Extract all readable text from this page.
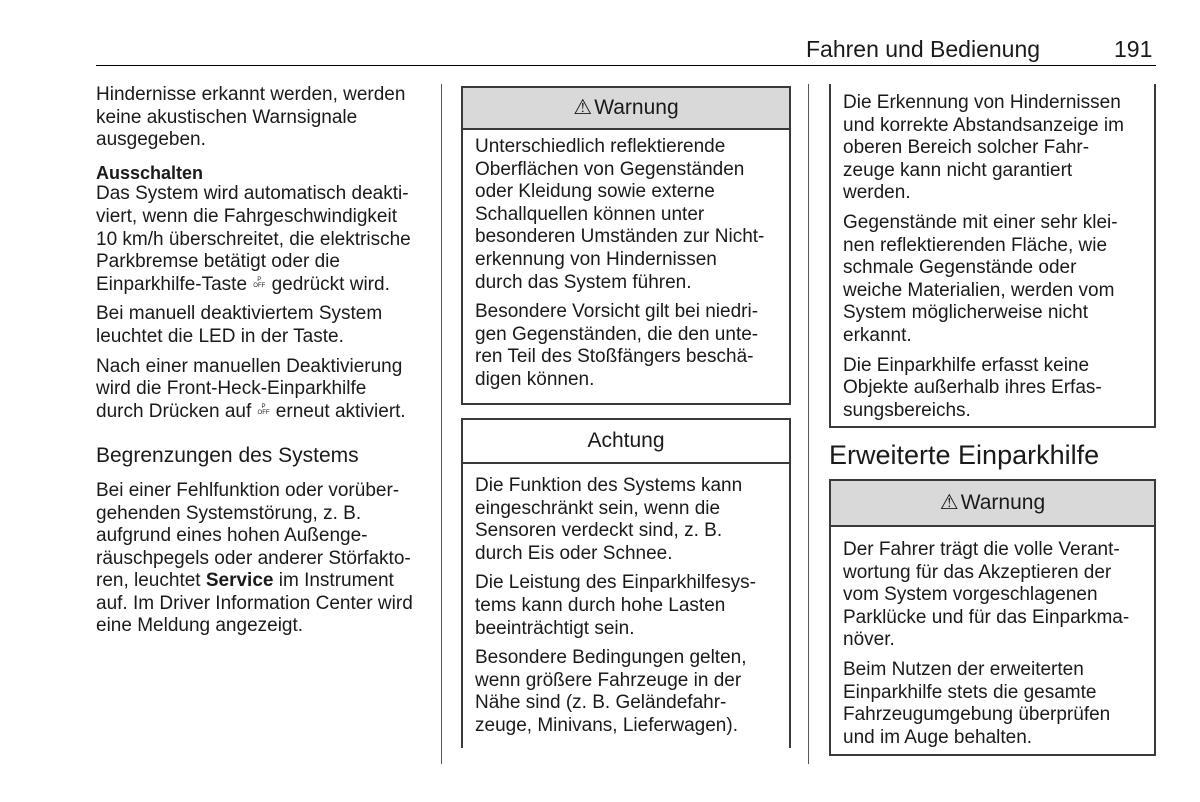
Fahren und Bedienung	191

Hindernisse erkannt werden, werden
keine akustischen Warnsignale
ausgegeben.

Ausschalten

Das System wird automatisch deakti-
viert, wenn die Fahrgeschwindigkeit
10 km/h überschreitet, die elektrische
Parkbremse betätigt oder die
Einparkhilfe-Taste P
OFF gedrückt wird.

Bei manuell deaktiviertem System
leuchtet die LED in der Taste.

Nach einer manuellen Deaktivierung
wird die Front-Heck-Einparkhilfe
durch Drücken auf P
OFF erneut aktiviert.

Begrenzungen des Systems

Bei einer Fehlfunktion oder vorüber-
gehenden Systemstörung, z. B.
aufgrund eines hohen Außenge-
räuschpegels oder anderer Störfakto-
ren, leuchtet Service im Instrument
auf. Im Driver Information Center wird
eine Meldung angezeigt.

⚠Warnung

Unterschiedlich reflektierende
Oberflächen von Gegenständen
oder Kleidung sowie externe
Schallquellen können unter
besonderen Umständen zur Nicht-
erkennung von Hindernissen
durch das System führen.

Besondere Vorsicht gilt bei niedri-
gen Gegenständen, die den unte-
ren Teil des Stoßfängers beschä-
digen können.

Achtung

Die Funktion des Systems kann
eingeschränkt sein, wenn die
Sensoren verdeckt sind, z. B.
durch Eis oder Schnee.

Die Leistung des Einparkhilfesys-
tems kann durch hohe Lasten
beeinträchtigt sein.

Besondere Bedingungen gelten,
wenn größere Fahrzeuge in der
Nähe sind (z. B. Geländefahr-
zeuge, Minivans, Lieferwagen).

Die Erkennung von Hindernissen
und korrekte Abstandsanzeige im
oberen Bereich solcher Fahr-
zeuge kann nicht garantiert
werden.

Gegenstände mit einer sehr klei-
nen reflektierenden Fläche, wie
schmale Gegenstände oder
weiche Materialien, werden vom
System möglicherweise nicht
erkannt.

Die Einparkhilfe erfasst keine
Objekte außerhalb ihres Erfas-
sungsbereichs.

Erweiterte Einparkhilfe
⚠Warnung

Der Fahrer trägt die volle Verant-
wortung für das Akzeptieren der
vom System vorgeschlagenen
Parklücke und für das Einparkma-
növer.

Beim Nutzen der erweiterten
Einparkhilfe stets die gesamte
Fahrzeugumgebung überprüfen
und im Auge behalten.
